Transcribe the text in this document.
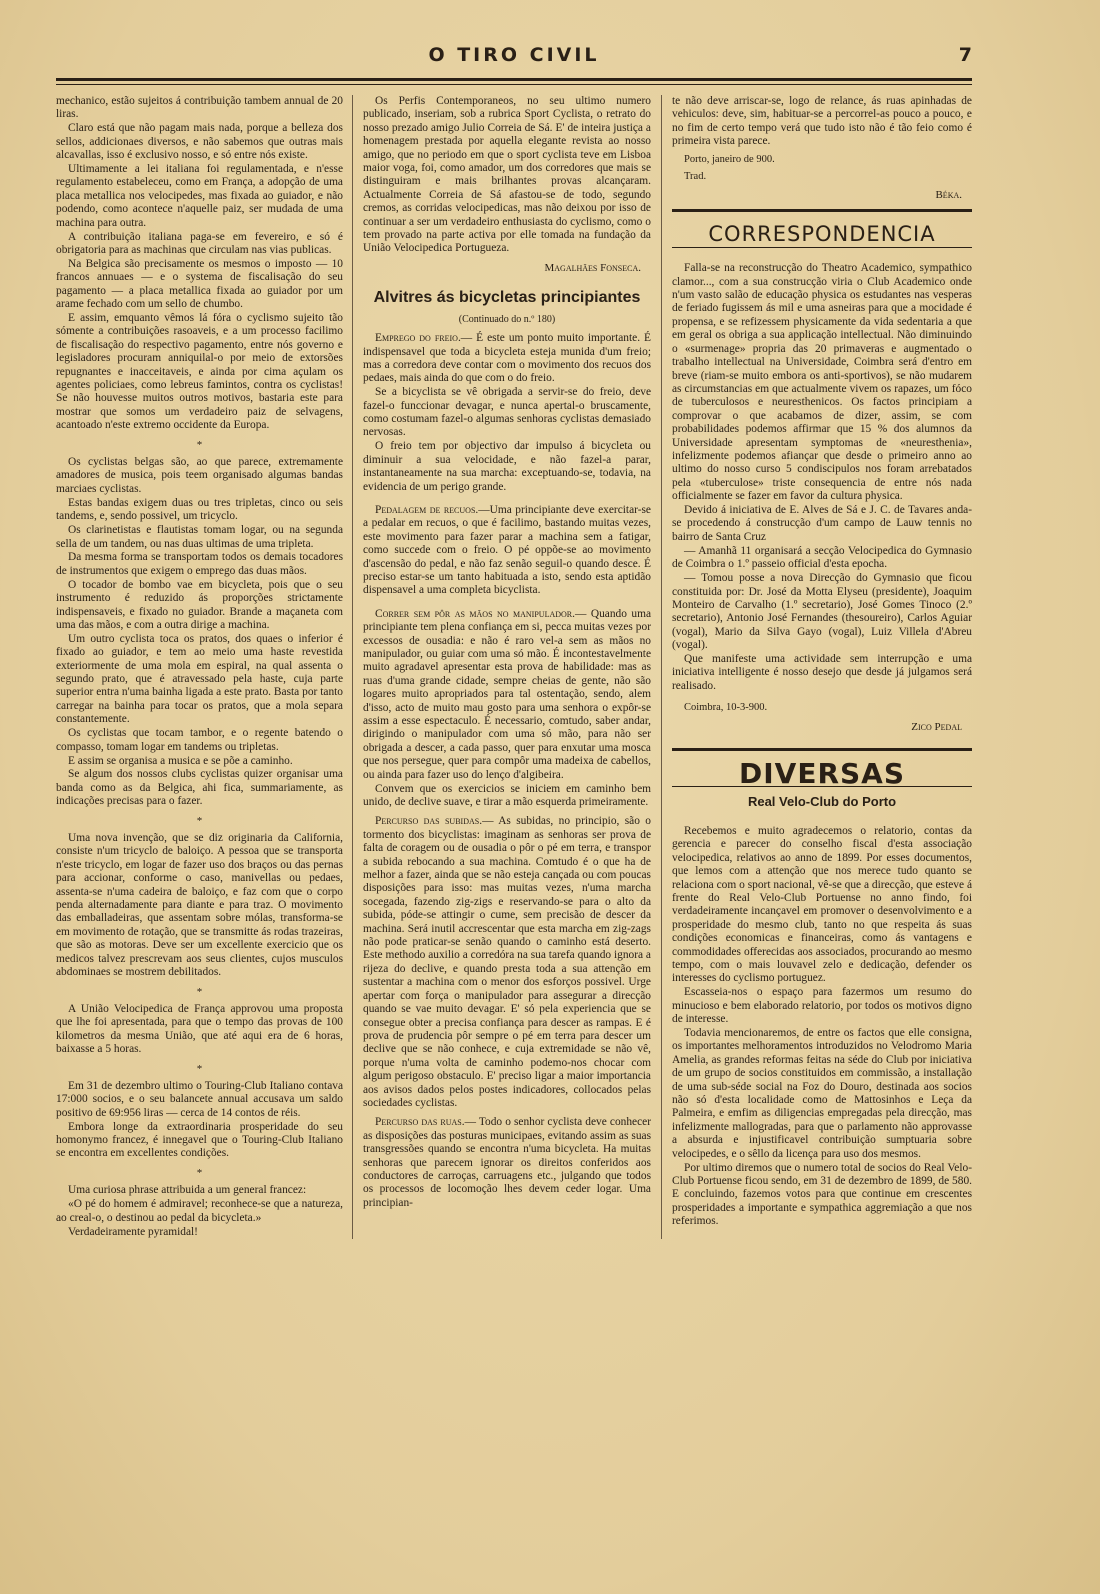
O TIRO CIVIL	7

mechanico, estão sujeitos á contribuição tambem annual de 20 liras.

Claro está que não pagam mais nada, porque a belleza dos sellos, addicionaes diversos, e não sabemos que outras mais alcavallas, isso é exclusivo nosso, e só entre nós existe.

Ultimamente a lei italiana foi regulamentada, e n'esse regulamento estabeleceu, como em França, a adopção de uma placa metallica nos velocipedes, mas fixada ao guiador, e não podendo, como acontece n'aquelle paiz, ser mudada de uma machina para outra.

A contribuição italiana paga-se em fevereiro, e só é obrigatoria para as machinas que circulam nas vias publicas.

Na Belgica são precisamente os mesmos o imposto — 10 francos annuaes — e o systema de fiscalisação do seu pagamento — a placa metallica fixada ao guiador por um arame fechado com um sello de chumbo.

E assim, emquanto vêmos lá fóra o cyclismo sujeito tão sómente a contribuições rasoaveis, e a um processo facilimo de fiscalisação do respectivo pagamento, entre nós governo e legisladores procuram anniquilal-o por meio de extorsões repugnantes e inacceitaveis, e ainda por cima açulam os agentes policiaes, como lebreus famintos, contra os cyclistas! Se não houvesse muitos outros motivos, bastaria este para mostrar que somos um verdadeiro paiz de selvagens, acantoado n'este extremo occidente da Europa.

*

Os cyclistas belgas são, ao que parece, extremamente amadores de musica, pois teem organisado algumas bandas marciaes cyclistas.

Estas bandas exigem duas ou tres tripletas, cinco ou seis tandems, e, sendo possivel, um tricyclo.

Os clarinetistas e flautistas tomam logar, ou na segunda sella de um tandem, ou nas duas ultimas de uma tripleta.

Da mesma forma se transportam todos os demais tocadores de instrumentos que exigem o emprego das duas mãos.

O tocador de bombo vae em bicycleta, pois que o seu instrumento é reduzido ás proporções strictamente indispensaveis, e fixado no guiador. Brande a maçaneta com uma das mãos, e com a outra dirige a machina.

Um outro cyclista toca os pratos, dos quaes o inferior é fixado ao guiador, e tem ao meio uma haste revestida exteriormente de uma mola em espiral, na qual assenta o segundo prato, que é atravessado pela haste, cuja parte superior entra n'uma bainha ligada a este prato. Basta por tanto carregar na bainha para tocar os pratos, que a mola separa constantemente.

Os cyclistas que tocam tambor, e o regente batendo o compasso, tomam logar em tandems ou tripletas.

E assim se organisa a musica e se põe a caminho.

Se algum dos nossos clubs cyclistas quizer organisar uma banda como as da Belgica, ahi fica, summariamente, as indicações precisas para o fazer.

*

Uma nova invenção, que se diz originaria da California, consiste n'um tricyclo de baloiço. A pessoa que se transporta n'este tricyclo, em logar de fazer uso dos braços ou das pernas para accionar, conforme o caso, manivellas ou pedaes, assenta-se n'uma cadeira de baloiço, e faz com que o corpo penda alternadamente para diante e para traz. O movimento das emballadeiras, que assentam sobre mólas, transforma-se em movimento de rotação, que se transmitte ás rodas trazeiras, que são as motoras. Deve ser um excellente exercicio que os medicos talvez prescrevam aos seus clientes, cujos musculos abdominaes se mostrem debilitados.

*

A União Velocipedica de França approvou uma proposta que lhe foi apresentada, para que o tempo das provas de 100 kilometros da mesma União, que até aqui era de 6 horas, baixasse a 5 horas.

*

Em 31 de dezembro ultimo o Touring-Club Italiano contava 17:000 socios, e o seu balancete annual accusava um saldo positivo de 69:956 liras — cerca de 14 contos de réis.

Embora longe da extraordinaria prosperidade do seu homonymo francez, é innegavel que o Touring-Club Italiano se encontra em excellentes condições.

*

Uma curiosa phrase attribuida a um general francez:

«O pé do homem é admiravel; reconhece-se que a natureza, ao creal-o, o destinou ao pedal da bicycleta.»

Verdadeiramente pyramidal!

Os Perfis Contemporaneos, no seu ultimo numero publicado, inseriam, sob a rubrica Sport Cyclista, o retrato do nosso prezado amigo Julio Correia de Sá. E' de inteira justiça a homenagem prestada por aquella elegante revista ao nosso amigo, que no periodo em que o sport cyclista teve em Lisboa maior voga, foi, como amador, um dos corredores que mais se distinguiram e mais brilhantes provas alcançaram. Actualmente Correia de Sá afastou-se de todo, segundo cremos, as corridas velocipedicas, mas não deixou por isso de continuar a ser um verdadeiro enthusiasta do cyclismo, como o tem provado na parte activa por elle tomada na fundação da União Velocipedica Portugueza.

Magalhães Fonseca.
Alvitres ás bicycletas principiantes
(Continuado do n.º 180)

Emprego do freio.— É este um ponto muito importante. É indispensavel que toda a bicycleta esteja munida d'um freio; mas a corredora deve contar com o movimento dos recuos dos pedaes, mais ainda do que com o do freio.

Se a bicyclista se vê obrigada a servir-se do freio, deve fazel-o funccionar devagar, e nunca apertal-o bruscamente, como costumam fazel-o algumas senhoras cyclistas demasiado nervosas.

O freio tem por objectivo dar impulso á bicycleta ou diminuir a sua velocidade, e não fazel-a parar, instantaneamente na sua marcha: exceptuando-se, todavia, na evidencia de um perigo grande.

Pedalagem de recuos.—Uma principiante deve exercitar-se a pedalar em recuos, o que é facilimo, bastando muitas vezes, este movimento para fazer parar a machina sem a fatigar, como succede com o freio. O pé oppõe-se ao movimento d'ascensão do pedal, e não faz senão seguil-o quando desce. É preciso estar-se um tanto habituada a isto, sendo esta aptidão dispensavel a uma completa bicyclista.

Correr sem pôr as mãos no manipulador.— Quando uma principiante tem plena confiança em si, pecca muitas vezes por excessos de ousadia: e não é raro vel-a sem as mãos no manipulador, ou guiar com uma só mão. É incontestavelmente muito agradavel apresentar esta prova de habilidade: mas as ruas d'uma grande cidade, sempre cheias de gente, não são logares muito apropriados para tal ostentação, sendo, alem d'isso, acto de muito mau gosto para uma senhora o expôr-se assim a esse espectaculo. É necessario, comtudo, saber andar, dirigindo o manipulador com uma só mão, para não ser obrigada a descer, a cada passo, quer para enxutar uma mosca que nos persegue, quer para compôr uma madeixa de cabellos, ou ainda para fazer uso do lenço d'algibeira.

Convem que os exercicios se iniciem em caminho bem unido, de declive suave, e tirar a mão esquerda primeiramente.

Percurso das subidas.— As subidas, no principio, são o tormento dos bicyclistas: imaginam as senhoras ser prova de falta de coragem ou de ousadia o pôr o pé em terra, e transpor a subida rebocando a sua machina. Comtudo é o que ha de melhor a fazer, ainda que se não esteja cançada ou com poucas disposições para isso: mas muitas vezes, n'uma marcha socegada, fazendo zig-zigs e reservando-se para o alto da subida, póde-se attingir o cume, sem precisão de descer da machina. Será inutil accrescentar que esta marcha em zig-zags não pode praticar-se senão quando o caminho está deserto. Este methodo auxilio a corredóra na sua tarefa quando ignora a rijeza do declive, e quando presta toda a sua attenção em sustentar a machina com o menor dos esforços possivel. Urge apertar com força o manipulador para assegurar a direcção quando se vae muito devagar. E' só pela experiencia que se consegue obter a precisa confiança para descer as rampas. E é prova de prudencia pôr sempre o pé em terra para descer um declive que se não conhece, e cuja extremidade se não vê, porque n'uma volta de caminho podemo-nos chocar com algum perigoso obstaculo. E' preciso ligar a maior importancia aos avisos dados pelos postes indicadores, collocados pelas sociedades cyclistas.

Percurso das ruas.— Todo o senhor cyclista deve conhecer as disposições das posturas municipaes, evitando assim as suas transgressões quando se encontra n'uma bicycleta. Ha muitas senhoras que parecem ignorar os direitos conferidos aos conductores de carroças, carruagens etc., julgando que todos os processos de locomoção lhes devem ceder logar. Uma principian-

te não deve arriscar-se, logo de relance, ás ruas apinhadas de vehiculos: deve, sim, habituar-se a percorrel-as pouco a pouco, e no fim de certo tempo verá que tudo isto não é tão feio como é primeira vista parece.

Porto, janeiro de 900.
Trad.
Béka.
CORRESPONDENCIA

Falla-se na reconstrucção do Theatro Academico, sympathico clamor..., com a sua construcção viria o Club Academico onde n'um vasto salão de educação physica os estudantes nas vesperas de feriado fugissem ás mil e uma asneiras para que a mocidade é propensa, e se refizessem physicamente da vida sedentaria a que em geral os obriga a sua applicação intellectual. Não diminuindo o «surmenage» propria das 20 primaveras e augmentado o trabalho intellectual na Universidade, Coimbra será d'entro em breve (riam-se muito embora os anti-sportivos), se não mudarem as circumstancias em que actualmente vivem os rapazes, um fóco de tuberculosos e neuresthenicos. Os factos principiam a comprovar o que acabamos de dizer, assim, se com probabilidades podemos affirmar que 15 % dos alumnos da Universidade apresentam symptomas de «neuresthenia», infelizmente podemos afiançar que desde o primeiro anno ao ultimo do nosso curso 5 condiscipulos nos foram arrebatados pela «tuberculose» triste consequencia de entre nós nada officialmente se fazer em favor da cultura physica.

Devido á iniciativa de E. Alves de Sá e J. C. de Tavares anda-se procedendo á construcção d'um campo de Lauw tennis no bairro de Santa Cruz

— Amanhã 11 organisará a secção Velocipedica do Gymnasio de Coimbra o 1.º passeio official d'esta epocha.

— Tomou posse a nova Direcção do Gymnasio que ficou constituida por: Dr. José da Motta Elyseu (presidente), Joaquim Monteiro de Carvalho (1.º secretario), José Gomes Tinoco (2.º secretario), Antonio José Fernandes (thesoureiro), Carlos Aguiar (vogal), Mario da Silva Gayo (vogal), Luiz Villela d'Abreu (vogal).

Que manifeste uma actividade sem interrupção e uma iniciativa intelligente é nosso desejo que desde já julgamos será realisado.

Coimbra, 10-3-900.
Zico Pedal
DIVERSAS
Real Velo-Club do Porto

Recebemos e muito agradecemos o relatorio, contas da gerencia e parecer do conselho fiscal d'esta associação velocipedica, relativos ao anno de 1899. Por esses documentos, que lemos com a attenção que nos merece tudo quanto se relaciona com o sport nacional, vê-se que a direcção, que esteve á frente do Real Velo-Club Portuense no anno findo, foi verdadeiramente incançavel em promover o desenvolvimento e a prosperidade do mesmo club, tanto no que respeita ás suas condições economicas e financeiras, como ás vantagens e commodidades offerecidas aos associados, procurando ao mesmo tempo, com o mais louvavel zelo e dedicação, defender os interesses do cyclismo portuguez.

Escasseia-nos o espaço para fazermos um resumo do minucioso e bem elaborado relatorio, por todos os motivos digno de interesse.

Todavia mencionaremos, de entre os factos que elle consigna, os importantes melhoramentos introduzidos no Velodromo Maria Amelia, as grandes reformas feitas na séde do Club por iniciativa de um grupo de socios constituidos em commissão, a installação de uma sub-séde social na Foz do Douro, destinada aos socios não só d'esta localidade como de Mattosinhos e Leça da Palmeira, e emfim as diligencias empregadas pela direcção, mas infelizmente mallogradas, para que o parlamento não approvasse a absurda e injustificavel contribuição sumptuaria sobre velocipedes, e o sêllo da licença para uso dos mesmos.

Por ultimo diremos que o numero total de socios do Real Velo-Club Portuense ficou sendo, em 31 de dezembro de 1899, de 580. E concluindo, fazemos votos para que continue em crescentes prosperidades a importante e sympathica aggremiação a que nos referimos.
